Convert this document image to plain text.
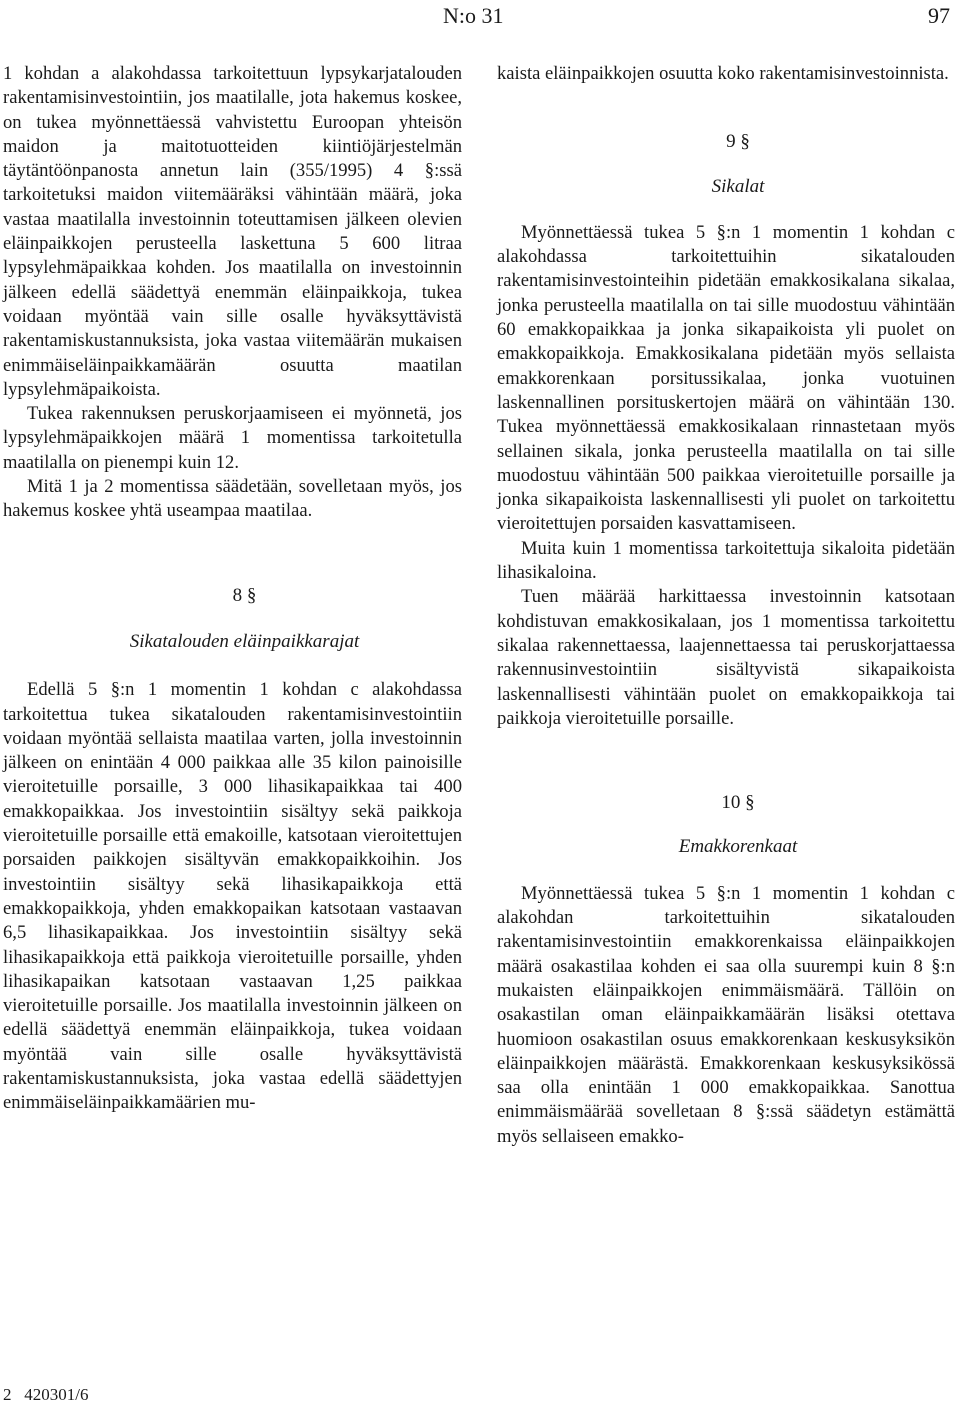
N:o 31	97

1 kohdan a alakohdassa tarkoitettuun lypsykarjatalouden rakentamisinvestointiin, jos maatilalle, jota hakemus koskee, on tukea myönnettäessä vahvistettu Euroopan yhteisön maidon ja maitotuotteiden kiintiöjärjestelmän täytäntöönpanosta annetun lain (355/1995) 4 §:ssä tarkoitetuksi maidon viitemääräksi vähintään määrä, joka vastaa maatilalla investoinnin toteuttamisen jälkeen olevien eläinpaikkojen perusteella laskettuna 5 600 litraa lypsylehmäpaikkaa kohden. Jos maatilalla on investoinnin jälkeen edellä säädettyä enemmän eläinpaikkoja, tukea voidaan myöntää vain sille osalle hyväksyttävistä rakentamiskustannuksista, joka vastaa viitemäärän mukaisen enimmäiseläinpaikkamäärän osuutta maatilan lypsylehmäpaikoista.

Tukea rakennuksen peruskorjaamiseen ei myönnetä, jos lypsylehmäpaikkojen määrä 1 momentissa tarkoitetulla maatilalla on pienempi kuin 12.

Mitä 1 ja 2 momentissa säädetään, sovelletaan myös, jos hakemus koskee yhtä useampaa maatilaa.

8 §

Sikatalouden eläinpaikkarajat

Edellä 5 §:n 1 momentin 1 kohdan c alakohdassa tarkoitettua tukea sikatalouden rakentamisinvestointiin voidaan myöntää sellaista maatilaa varten, jolla investoinnin jälkeen on enintään 4 000 paikkaa alle 35 kilon painoisille vieroitetuille porsaille, 3 000 lihasikapaikkaa tai 400 emakkopaikkaa. Jos investointiin sisältyy sekä paikkoja vieroitetuille porsaille että emakoille, katsotaan vieroitettujen porsaiden paikkojen sisältyvän emakkopaikkoihin. Jos investointiin sisältyy sekä lihasikapaikkoja että emakkopaikkoja, yhden emakkopaikan katsotaan vastaavan 6,5 lihasikapaikkaa. Jos investointiin sisältyy sekä lihasikapaikkoja että paikkoja vieroitetuille porsaille, yhden lihasikapaikan katsotaan vastaavan 1,25 paikkaa vieroitetuille porsaille. Jos maatilalla investoinnin jälkeen on edellä säädettyä enemmän eläinpaikkoja, tukea voidaan myöntää vain sille osalle hyväksyttävistä rakentamiskustannuksista, joka vastaa edellä säädettyjen enimmäiseläinpaikkamäärien mu-

kaista eläinpaikkojen osuutta koko rakentamisinvestoinnista.

9 §

Sikalat

Myönnettäessä tukea 5 §:n 1 momentin 1 kohdan c alakohdassa tarkoitettuihin sikatalouden rakentamisinvestointeihin pidetään emakkosikalana sikalaa, jonka perusteella maatilalla on tai sille muodostuu vähintään 60 emakkopaikkaa ja jonka sikapaikoista yli puolet on emakkopaikkoja. Emakkosikalana pidetään myös sellaista emakkorenkaan porsitussikalaa, jonka vuotuinen laskennallinen porsituskertojen määrä on vähintään 130. Tukea myönnettäessä emakkosikalaan rinnastetaan myös sellainen sikala, jonka perusteella maatilalla on tai sille muodostuu vähintään 500 paikkaa vieroitetuille porsaille ja jonka sikapaikoista laskennallisesti yli puolet on tarkoitettu vieroitettujen porsaiden kasvattamiseen.

Muita kuin 1 momentissa tarkoitettuja sikaloita pidetään lihasikaloina.

Tuen määrää harkittaessa investoinnin katsotaan kohdistuvan emakkosikalaan, jos 1 momentissa tarkoitettu sikalaa rakennettaessa, laajennettaessa tai peruskorjattaessa rakennusinvestointiin sisältyvistä sikapaikoista laskennallisesti vähintään puolet on emakkopaikkoja tai paikkoja vieroitetuille porsaille.

10 §

Emakkorenkaat

Myönnettäessä tukea 5 §:n 1 momentin 1 kohdan c alakohdan tarkoitettuihin sikatalouden rakentamisinvestointiin emakkorenkaissa eläinpaikkojen määrä osakastilaa kohden ei saa olla suurempi kuin 8 §:n mukaisten eläinpaikkojen enimmäismäärä. Tällöin on osakastilan oman eläinpaikkamäärän lisäksi otettava huomioon osakastilan osuus emakkorenkaan keskusyksikön eläinpaikkojen määrästä. Emakkorenkaan keskusyksikössä saa olla enintään 1 000 emakkopaikkaa. Sanottua enimmäismäärää sovelletaan 8 §:ssä säädetyn estämättä myös sellaiseen emakko-

2   420301/6
